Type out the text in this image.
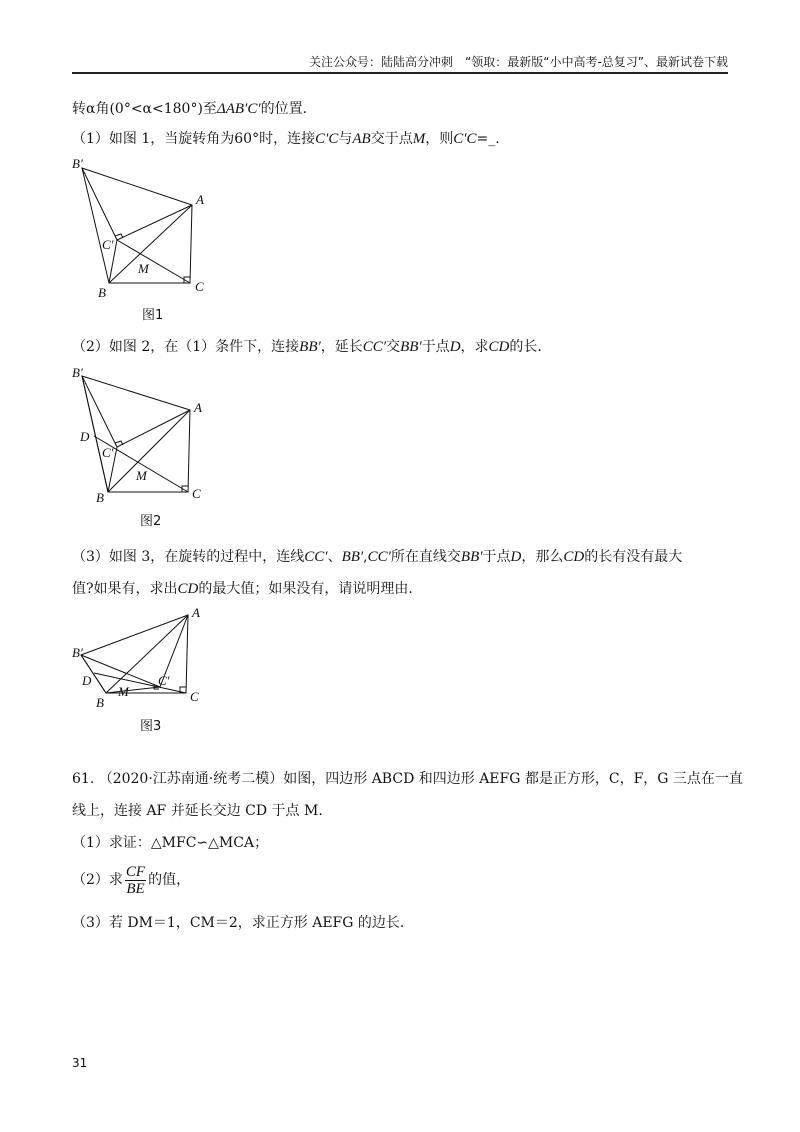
关注公众号：陆陆高分冲刺　“领取：最新版“小中高考-总复习”、最新试卷下载
转α角(0°<α<180°)至ΔAB′C′的位置.
（1）如图 1，当旋转角为60°时，连接C′C与AB交于点M，则C′C=_.
B′
A
C′
M
B	C
图1
（2）如图 2，在（1）条件下，连接BB′，延长CC′交BB′于点D，求CD的长.
B′
A
D
C′
M
B	C
图2
（3）如图 3，在旋转的过程中，连线CC′、BB′,CC′所在直线交BB′于点D，那么CD的长有没有最大
值?如果有，求出CD的最大值；如果没有，请说明理由.
A
B′
D
M
C′
B	C
图3
61. （2020·江苏南通·统考二模）如图，四边形 ABCD 和四边形 AEFG 都是正方形，C，F，G 三点在一直
线上，连接 AF 并延长交边 CD 于点 M.
（1）求证：△MFC∽△MCA；
（2）求 $\frac{CF}{BE}$ 的值，
（3）若 DM＝1，CM＝2，求正方形 AEFG 的边长.
31
